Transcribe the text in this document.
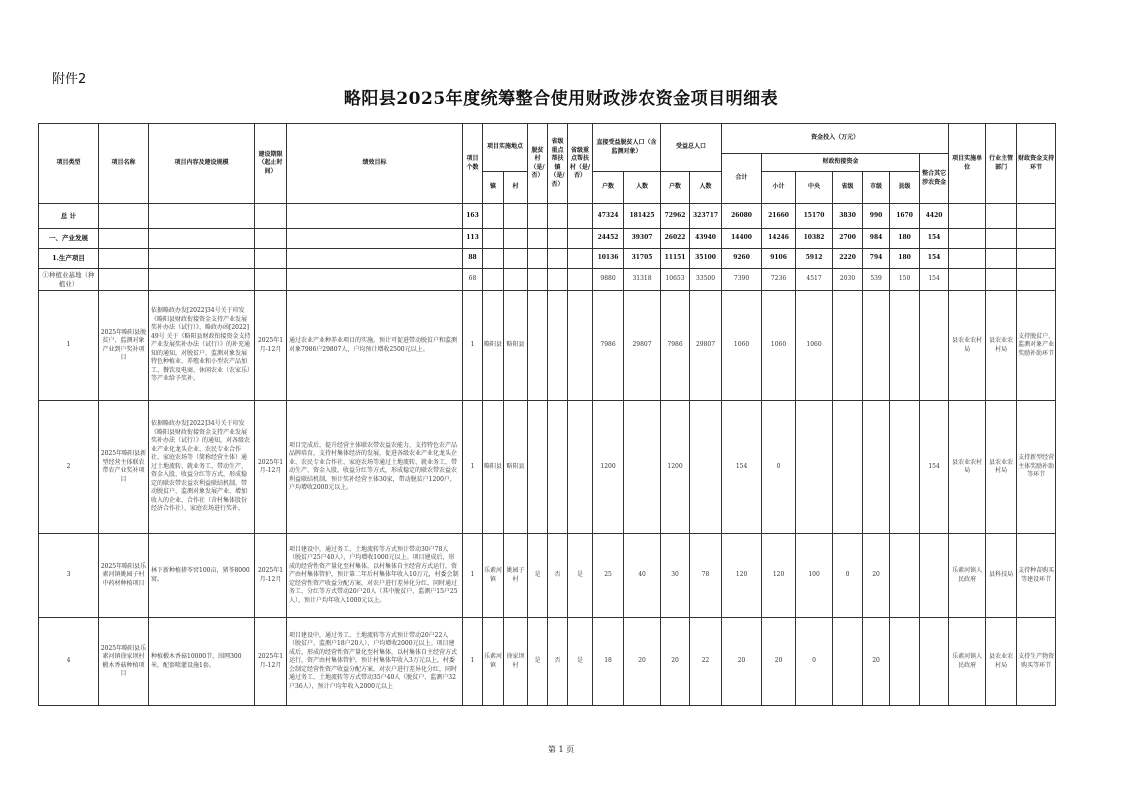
附件2
略阳县2025年度统筹整合使用财政涉农资金项目明细表
项目类型	项目名称	项目内容及建设规模	建设期限（起止时间）	绩效目标	项目个数	项目实施地点		脱贫村（是/否）	省级重点帮扶镇（是/否）	省级重点帮扶村（是/否）	直接受益脱贫人口（含监测对象）		受益总人口		资金投入（万元）							项目实施单位	行业主管部门	财政资金支持环节
															合计	财政衔接资金					整合其它涉农资金			
						镇	村				户数	人数	户数	人数		小计	中央	省级	市级	县级				
总 计					163						47324	181425	72962	323717	26080	21660	15170	3830	990	1670	4420			
一、产业发展					113						24452	39307	26022	43940	14400	14246	10382	2700	984	180	154			
1.生产项目					88						10136	31705	11151	35100	9260	9106	5912	2220	794	180	154			
①种植业基地（种植业）					68						9880	31318	10653	33500	7390	7236	4517	2030	539	150	154			
1	2025年略阳县脱贫户、监测对象产业到户奖补项目	依据略政办发[2022]34号关于印发《略阳县财政衔接资金支持产业发展奖补办法（试行）》、略政办函[2022]49号 关于《略阳县财政衔接资金支持产业发展奖补办法（试行）》的补充通知的通知，对脱贫户、监测对象发展特色种植业、养殖业和小型农产品加工、餐饮及电商、休闲农业（农家乐）等产业给予奖补。	2025年1月-12月	通过农业产业种养业项目的实施，预计可促进带动脱贫户和监测对象7986户29807人，户均预计增收2500元以上。	1	略阳县	略阳县				7986	29807	7986	29807	1060	1060	1060					县农业农村局	县农业农村局	支持脱贫户、监测对象产业奖励补助环节
2	2025年略阳县新型经营主体联农带农产业奖补项目	依据略政办发[2022]34号关于印发《略阳县财政衔接资金支持产业发展奖补办法（试行）》的通知，对各级农业产业化龙头企业、农民专业合作社、家庭农场等（简称经营主体）通过土地流转、就业务工、带动生产、资金入股、收益分红等方式，形成稳定的联农带农益农利益联结机制，带动脱贫户、监测对象发展产业、增加收入的企业、合作社（含村集体股份经济合作社）、家庭农场进行奖补。	2025年1月-12月	项目完成后，提升经营主体联农带农益农能力，支持特色农产品品牌培育，支持村集体经济的发展，促进各级农业产业化龙头企业、农民专业合作社、家庭农场等通过土地流转、就业务工、带动生产、资金入股、收益分红等方式，形成稳定的联农带农益农利益联结机制，预计奖补经营主体30家，带动脱贫户1200户，户均增收2000元以上。	1	略阳县	略阳县				1200		1200		154	0					154	县农业农村局	县农业农村局	支持新型经营主体奖励补助等环节
3	2025年略阳县乐素河镇姚园子村中药材种植项目	林下新种植猪苓窖100亩，猪苓8000窝。	2025年1月-12月	项目建设中，通过务工、土地流转等方式预计带动30户78人（脱贫户25户40人），户均增收1000元以上。项目建成后，形成的经营性资产量化至村集体，以村集体自主经营方式运行，资产由村集体管护，预计第二年后村集体年收入10万元，村委会制定经营性资产收益分配方案，对农户进行差异化分红，同时通过务工、分红等方式带动20户20人（其中脱贫户、监测户15户25人），预计户均年收入1000元以上。	1	乐素河镇	姚园子村	是	否	是	25	40	30	78	120	120	100	0	20			乐素河镇人民政府	县科技局	支持种苗购买等建设环节
4	2025年略阳县乐素河镇徐家坝村椴木香菇种植项目	种植椴木香菇10000节，围网300米，配套喷灌设施1套。	2025年1月-12月	项目建设中，通过务工、土地流转等方式预计带动20户22人（脱贫户、监测户18户20人），户均增收2000元以上。项目建成后，形成的经营性资产量化至村集体，以村集体自主经营方式运行，资产由村集体管护，预计村集体年收入3万元以上，村委会制定经营性资产收益分配方案，对农户进行差异化分红，同时通过务工、土地流转等方式带动35户40人（脱贫户、监测户32户36人），预计户均年收入2000元以上	1	乐素河镇	徐家坝村	是	否	是	18	20	20	22	20	20	0		20			乐素河镇人民政府	县农业农村局	支持生产物资购买等环节
第 1 页
